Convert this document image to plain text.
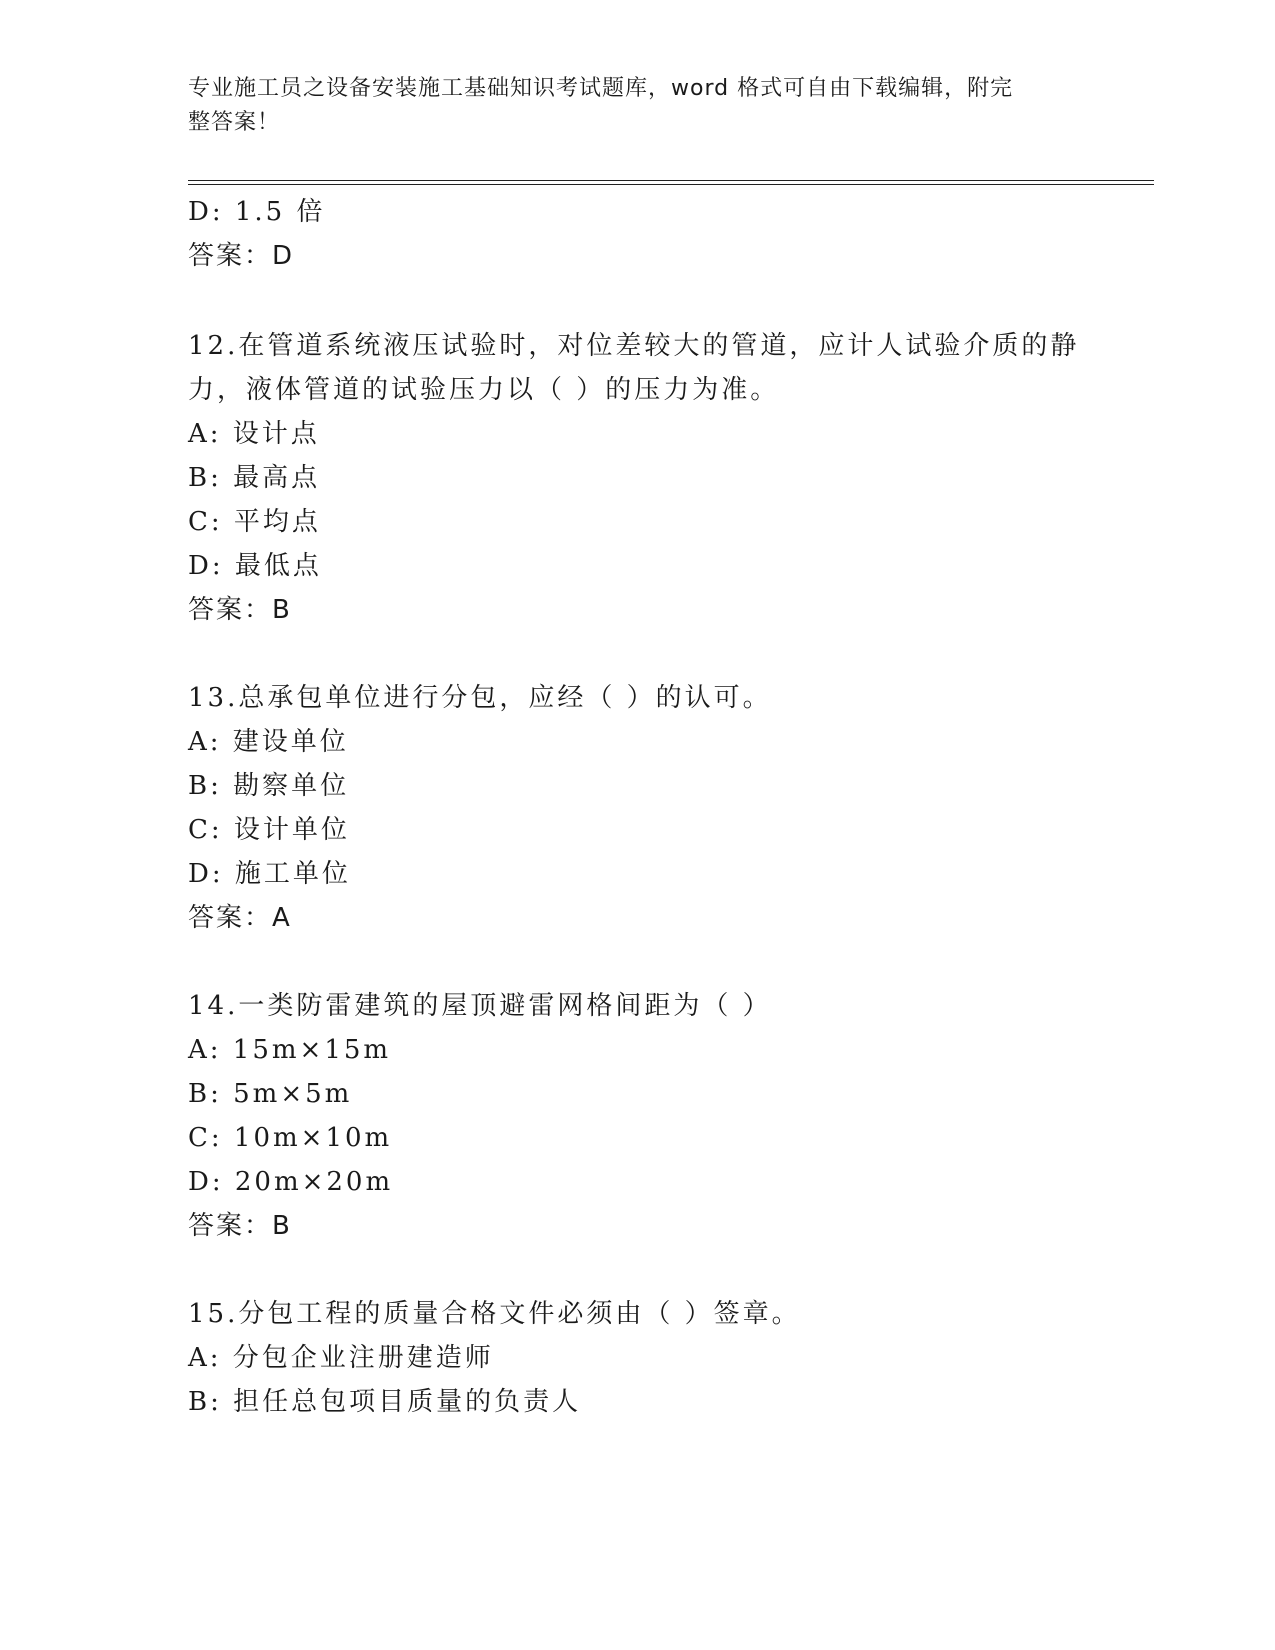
专业施工员之设备安装施工基础知识考试题库，word 格式可自由下载编辑，附完
整答案！
D: 1.5 倍
答案：D
12.在管道系统液压试验时，对位差较大的管道，应计人试验介质的静
力，液体管道的试验压力以（ ）的压力为准。
A: 设计点
B: 最高点
C: 平均点
D: 最低点
答案：B
13.总承包单位进行分包，应经（ ）的认可。
A: 建设单位
B: 勘察单位
C: 设计单位
D: 施工单位
答案：A
14.一类防雷建筑的屋顶避雷网格间距为（ ）
A: 15m×15m
B: 5m×5m
C: 10m×10m
D: 20m×20m
答案：B
15.分包工程的质量合格文件必须由（ ）签章。
A: 分包企业注册建造师
B: 担任总包项目质量的负责人
